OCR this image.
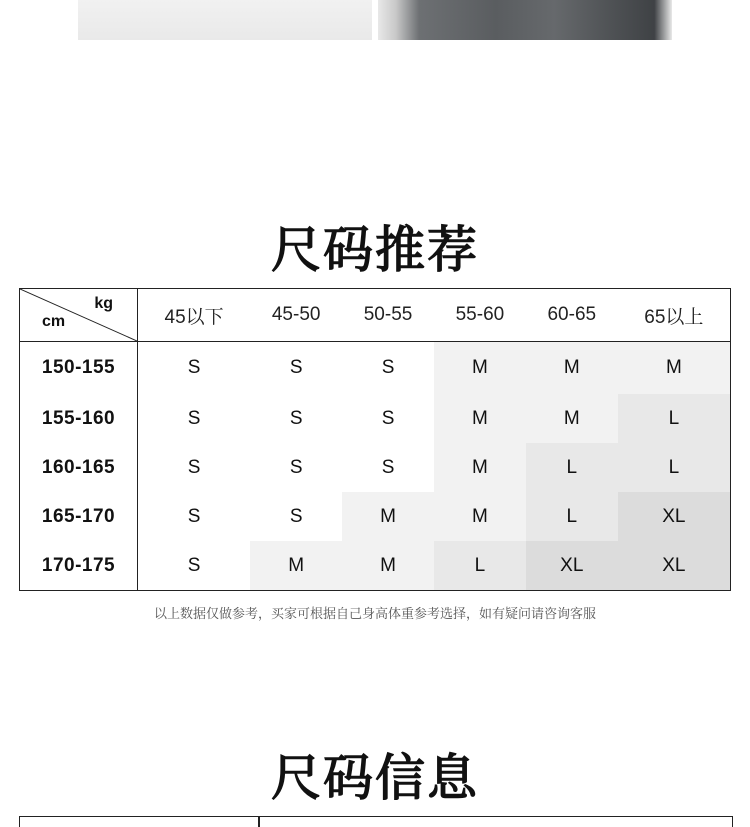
尺码推荐
kg
cm	45以下	45-50	50-55	55-60	60-65	65以上
150-155	S	S	S	M	M	M
155-160	S	S	S	M	M	L
160-165	S	S	S	M	L	L
165-170	S	S	M	M	L	XL
170-175	S	M	M	L	XL	XL
以上数据仅做参考，买家可根据自己身高体重参考选择，如有疑问请咨询客服
尺码信息
